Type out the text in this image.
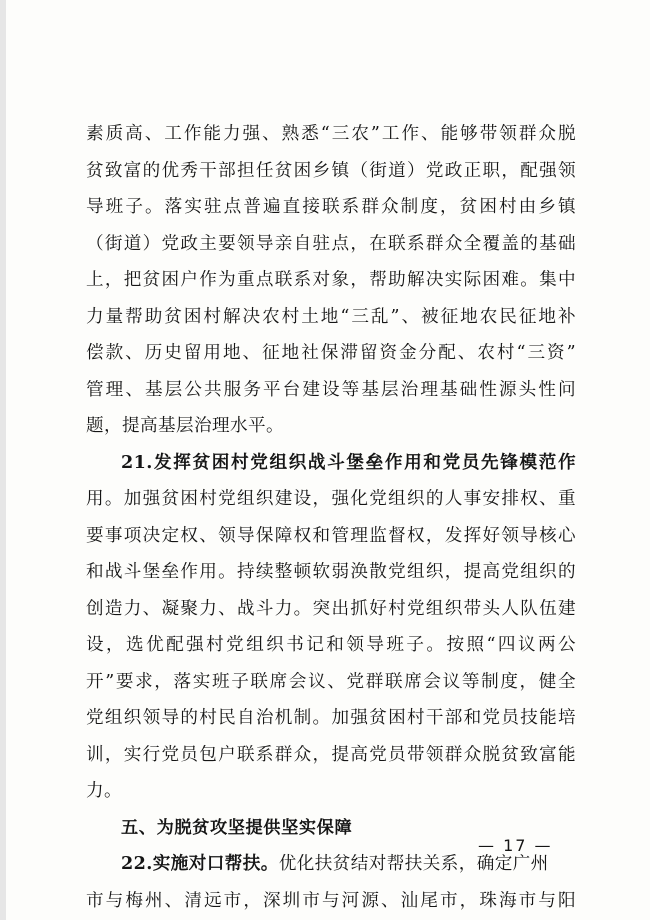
素质高、工作能力强、熟悉“三农”工作、能够带领群众脱
贫致富的优秀干部担任贫困乡镇（街道）党政正职，配强领
导班子。落实驻点普遍直接联系群众制度，贫困村由乡镇
（街道）党政主要领导亲自驻点，在联系群众全覆盖的基础
上，把贫困户作为重点联系对象，帮助解决实际困难。集中
力量帮助贫困村解决农村土地“三乱”、被征地农民征地补
偿款、历史留用地、征地社保滞留资金分配、农村“三资”
管理、基层公共服务平台建设等基层治理基础性源头性问
题，提高基层治理水平。
21.发挥贫困村党组织战斗堡垒作用和党员先锋模范作
用。加强贫困村党组织建设，强化党组织的人事安排权、重
要事项决定权、领导保障权和管理监督权，发挥好领导核心
和战斗堡垒作用。持续整顿软弱涣散党组织，提高党组织的
创造力、凝聚力、战斗力。突出抓好村党组织带头人队伍建
设，选优配强村党组织书记和领导班子。按照“四议两公
开”要求，落实班子联席会议、党群联席会议等制度，健全
党组织领导的村民自治机制。加强贫困村干部和党员技能培
训，实行党员包户联系群众，提高党员带领群众脱贫致富能
力。
五、为脱贫攻坚提供坚实保障
22.实施对口帮扶。优化扶贫结对帮扶关系，确定广州
市与梅州、清远市，深圳市与河源、汕尾市，珠海市与阳
— 17 —
